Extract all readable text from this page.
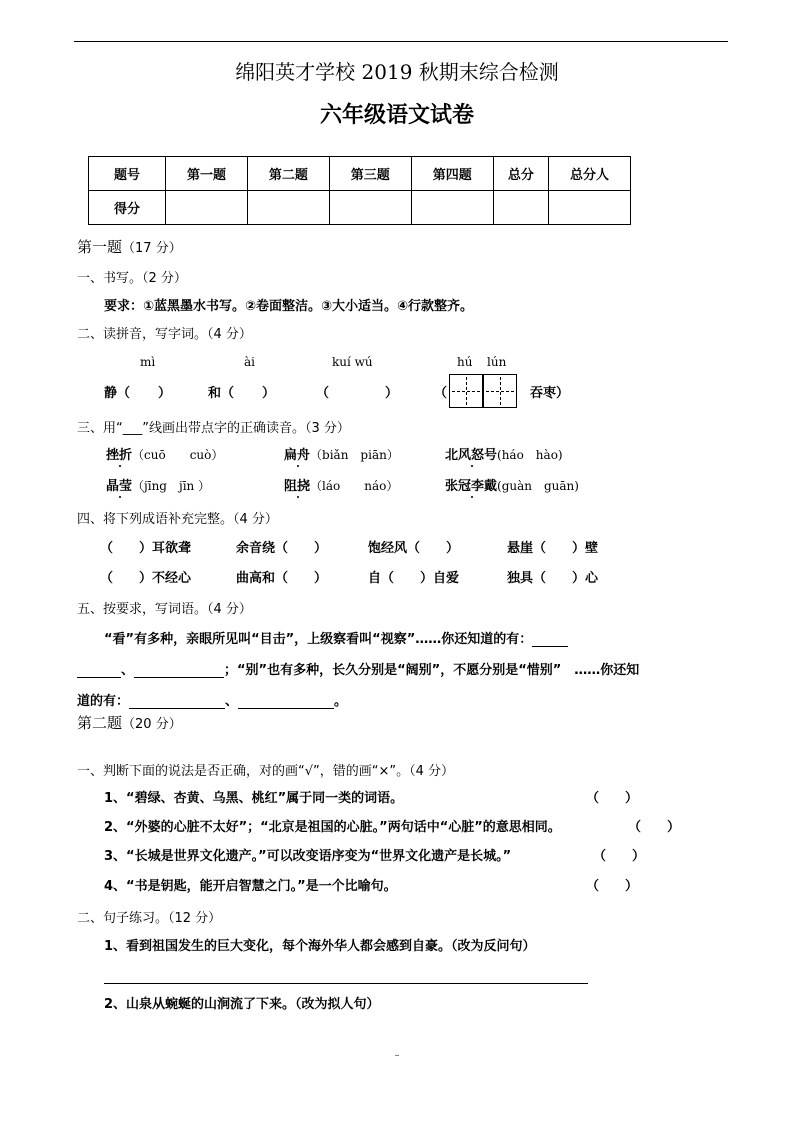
绵阳英才学校 2019 秋期末综合检测
六年级语文试卷
题号	第一题	第二题	第三题	第四题	总分	总分人
得分						
第一题（17 分）
一、书写。（2 分）
要求：①蓝黑墨水书写。②卷面整洁。③大小适当。④行款整齐。
二、读拼音，写字词。（4 分）
mì	ài	kuí wú	hú lún
静（ ）	和（ ）	（	）	（	吞枣）
三、用“___”线画出带点字的正确读音。（3 分）
挫折（cuō　　cuò）	扁舟（biǎn　piān）	北风怒号(háo　hào)
晶莹（jīng　jīn ）	阻挠（láo　　náo）	张冠李戴(guàn　guān)
四、将下列成语补充完整。（4 分）
（　　）耳欲聋	余音绕（　　）	饱经风（　　）	悬崖（　　）壁
（　　）不经心	曲高和（　　）	自（　　）自爱	独具（　　）心
五、按要求，写词语。（4 分）
“看”有多种，亲眼所见叫“目击”，上级察看叫“视察”……你还知道的有：
、	；“别”也有多种，长久分别是“阔别”，不愿分别是“惜别”　……你还知
道的有：	、	。
第二题（20 分）
一、判断下面的说法是否正确，对的画“√”，错的画“×”。（4 分）
1、“碧绿、杏黄、乌黑、桃红”属于同一类的词语。	（　　）
2、“外婆的心脏不太好”；“北京是祖国的心脏。”两句话中“心脏”的意思相同。	（　　）
3、“长城是世界文化遗产。”可以改变语序变为“世界文化遗产是长城。”	（　　）
4、“书是钥匙，能开启智慧之门。”是一个比喻句。	（　　）
二、句子练习。（12 分）
1、看到祖国发生的巨大变化，每个海外华人都会感到自豪。（改为反问句）
2、山泉从蜿蜒的山涧流了下来。（改为拟人句）
–
